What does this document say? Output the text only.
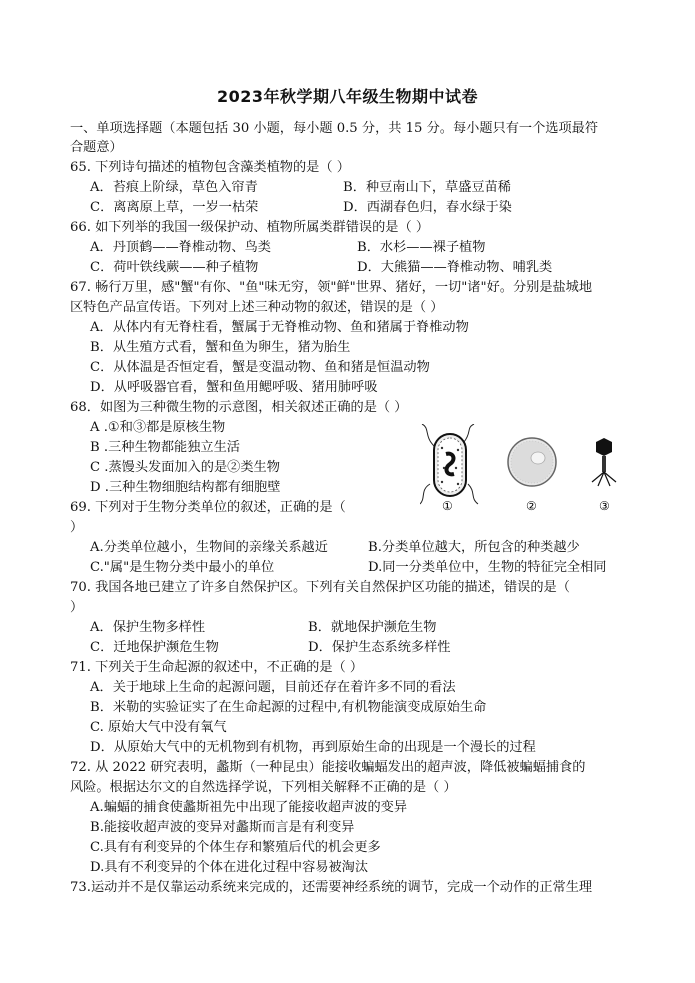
2023年秋学期八年级生物期中试卷
一、单项选择题（本题包括 30 小题，每小题 0.5 分，共 15 分。每小题只有一个选项最符
合题意）
65. 下列诗句描述的植物包含藻类植物的是（ ）
A．苔痕上阶绿，草色入帘青	B．种豆南山下，草盛豆苗稀
C．离离原上草，一岁一枯荣	D．西湖春色归，春水绿于染
66. 如下列举的我国一级保护动、植物所属类群错误的是（ ）
A．丹顶鹤——脊椎动物、鸟类	B．水杉——裸子植物
C．荷叶铁线蕨——种子植物	D．大熊猫——脊椎动物、哺乳类
67. 畅行万里，感"蟹"有你、"鱼"味无穷，领"鲜"世界、猪好，一切"诸"好。分别是盐城地
区特色产品宣传语。下列对上述三种动物的叙述，错误的是（ ）
A．从体内有无脊柱看，蟹属于无脊椎动物、鱼和猪属于脊椎动物
B．从生殖方式看，蟹和鱼为卵生，猪为胎生
C．从体温是否恒定看，蟹是变温动物、鱼和猪是恒温动物
D．从呼吸器官看，蟹和鱼用鳃呼吸、猪用肺呼吸
68．如图为三种微生物的示意图，相关叙述正确的是（ ）
A .①和③都是原核生物
B .三种生物都能独立生活
C .蒸馒头发面加入的是②类生物
D .三种生物细胞结构都有细胞壁
①	②	③
69. 下列对于生物分类单位的叙述，正确的是（
）
A.分类单位越小，生物间的亲缘关系越近	B.分类单位越大，所包含的种类越少
C."属"是生物分类中最小的单位	D.同一分类单位中，生物的特征完全相同
70. 我国各地已建立了许多自然保护区。下列有关自然保护区功能的描述，错误的是（
）
A．保护生物多样性	B．就地保护濒危生物
C．迁地保护濒危生物	D．保护生态系统多样性
71. 下列关于生命起源的叙述中，不正确的是（ ）
A．关于地球上生命的起源问题，目前还存在着许多不同的看法
B．米勒的实验证实了在生命起源的过程中,有机物能演变成原始生命
C. 原始大气中没有氧气
D．从原始大气中的无机物到有机物，再到原始生命的出现是一个漫长的过程
72. 从 2022 研究表明，蠡斯（一种昆虫）能接收蝙蝠发出的超声波，降低被蝙蝠捕食的
风险。根据达尔文的自然选择学说，下列相关解释不正确的是（ ）
A.蝙蝠的捕食使蠡斯祖先中出现了能接收超声波的变异
B.能接收超声波的变异对蠡斯而言是有利变异
C.具有有利变异的个体生存和繁殖后代的机会更多
D.具有不利变异的个体在进化过程中容易被淘汰
73.运动并不是仅靠运动系统来完成的，还需要神经系统的调节，完成一个动作的正常生理
